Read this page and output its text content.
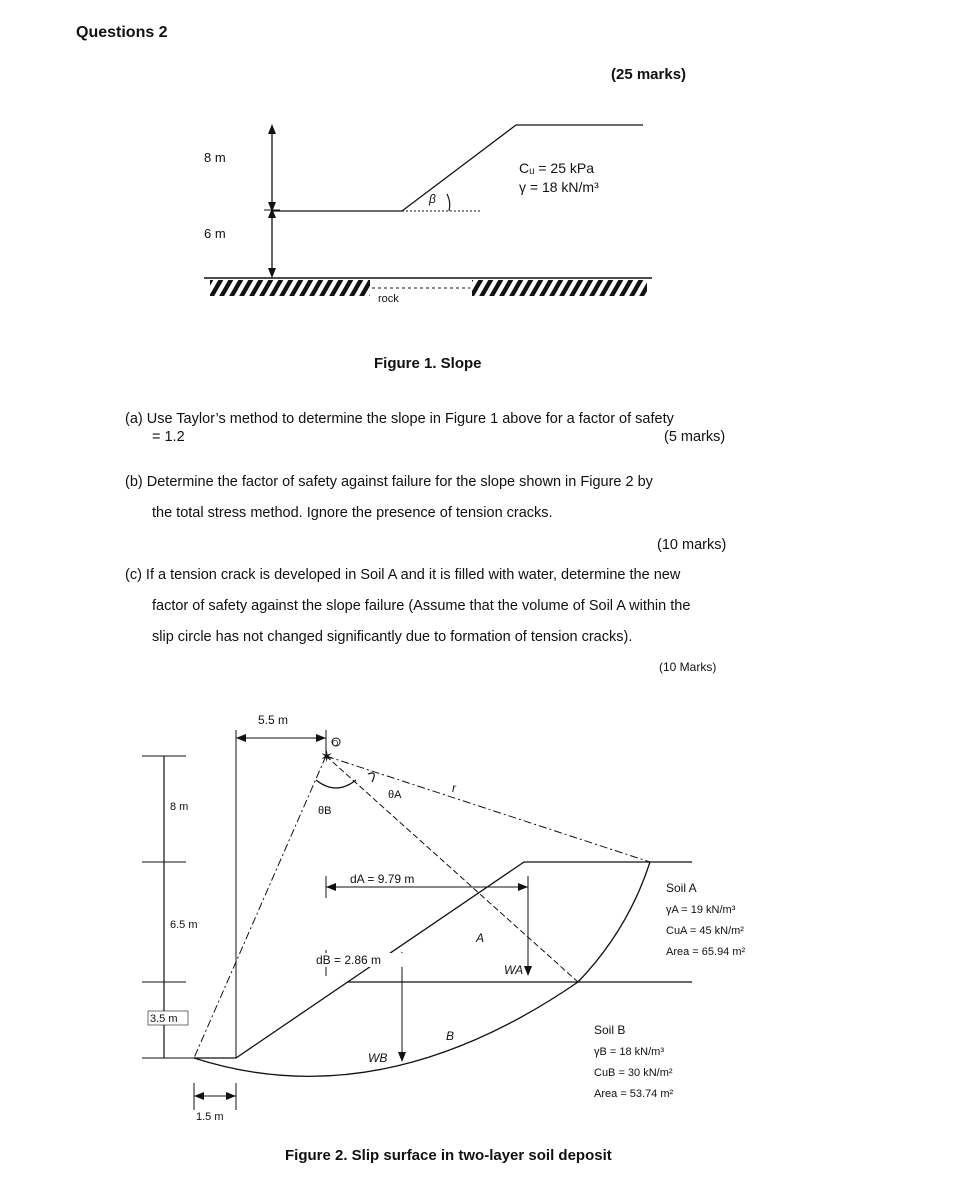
Questions 2
(25 marks)
β
rock
8 m
6 m
Cᵤ = 25 kPa
γ = 18 kN/m³
Figure 1. Slope
5.5 m
8 m
6.5 m
3.5 m
1.5 m
✶
O
θB
θA	r
dA = 9.79 m
dB = 2.86 m
A
B
WA
WB
Soil A
γA = 19 kN/m³
CuA = 45 kN/m²
Area = 65.94 m²
Soil B
γB = 18 kN/m³
CuB = 30 kN/m²
Area = 53.74 m²
Figure 2. Slip surface in two-layer soil deposit
(a) Use Taylor’s method to determine the slope in Figure 1 above for a factor of safety
= 1.2	(5 marks)
(b) Determine the factor of safety against failure for the slope shown in Figure 2 by
the total stress method. Ignore the presence of tension cracks.
(10 marks)
(c) If a tension crack is developed in Soil A and it is filled with water, determine the new
factor of safety against the slope failure (Assume that the volume of Soil A within the
slip circle has not changed significantly due to formation of tension cracks).
(10 Marks)
